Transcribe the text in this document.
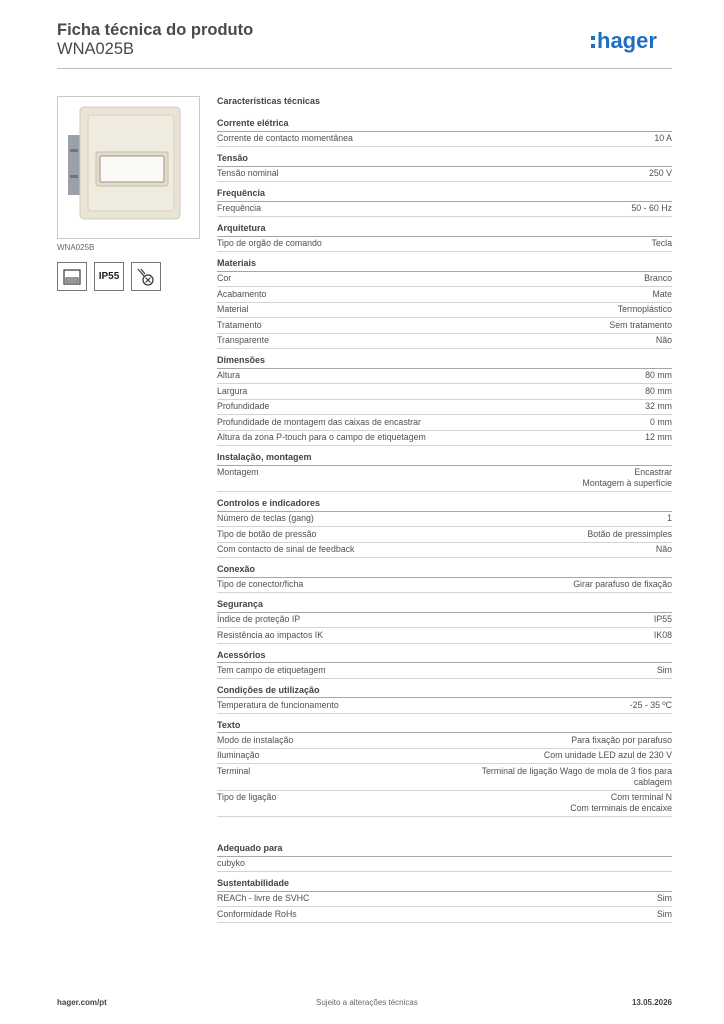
Ficha técnica do produto
WNA025B	hager
WNA025B
IP55
Características técnicas
Corrente elétrica
Corrente de contacto momentânea	10 A
Tensão
Tensão nominal	250 V
Frequência
Frequência	50 - 60 Hz
Arquitetura
Tipo de orgão de comando	Tecla
Materiais
Cor	Branco
Acabamento	Mate
Material	Termoplástico
Tratamento	Sem tratamento
Transparente	Não
Dimensões
Altura	80 mm
Largura	80 mm
Profundidade	32 mm
Profundidade de montagem das caixas de encastrar	0 mm
Altura da zona P-touch para o campo de etiquetagem	12 mm
Instalação, montagem
Montagem	Encastrar
Montagem à superfície
Controlos e indicadores
Número de teclas (gang)	1
Tipo de botão de pressão	Botão de pressimples
Com contacto de sinal de feedback	Não
Conexão
Tipo de conector/ficha	Girar parafuso de fixação
Segurança
Índice de proteção IP	IP55
Resistência ao impactos IK	IK08
Acessórios
Tem campo de etiquetagem	Sim
Condições de utilização
Temperatura de funcionamento	-25 - 35 ºC
Texto
Modo de instalação	Para fixação por parafuso
Iluminação	Com unidade LED azul de 230 V
Terminal	Terminal de ligação Wago de mola de 3 fios para cablagem
Tipo de ligação	Com terminal N
Com terminais de encaixe
Adequado para
cubyko
Sustentabilidade
REACh - livre de SVHC	Sim
Conformidade RoHs	Sim
hager.com/pt	Sujeito a alterações técnicas	13.05.2026
